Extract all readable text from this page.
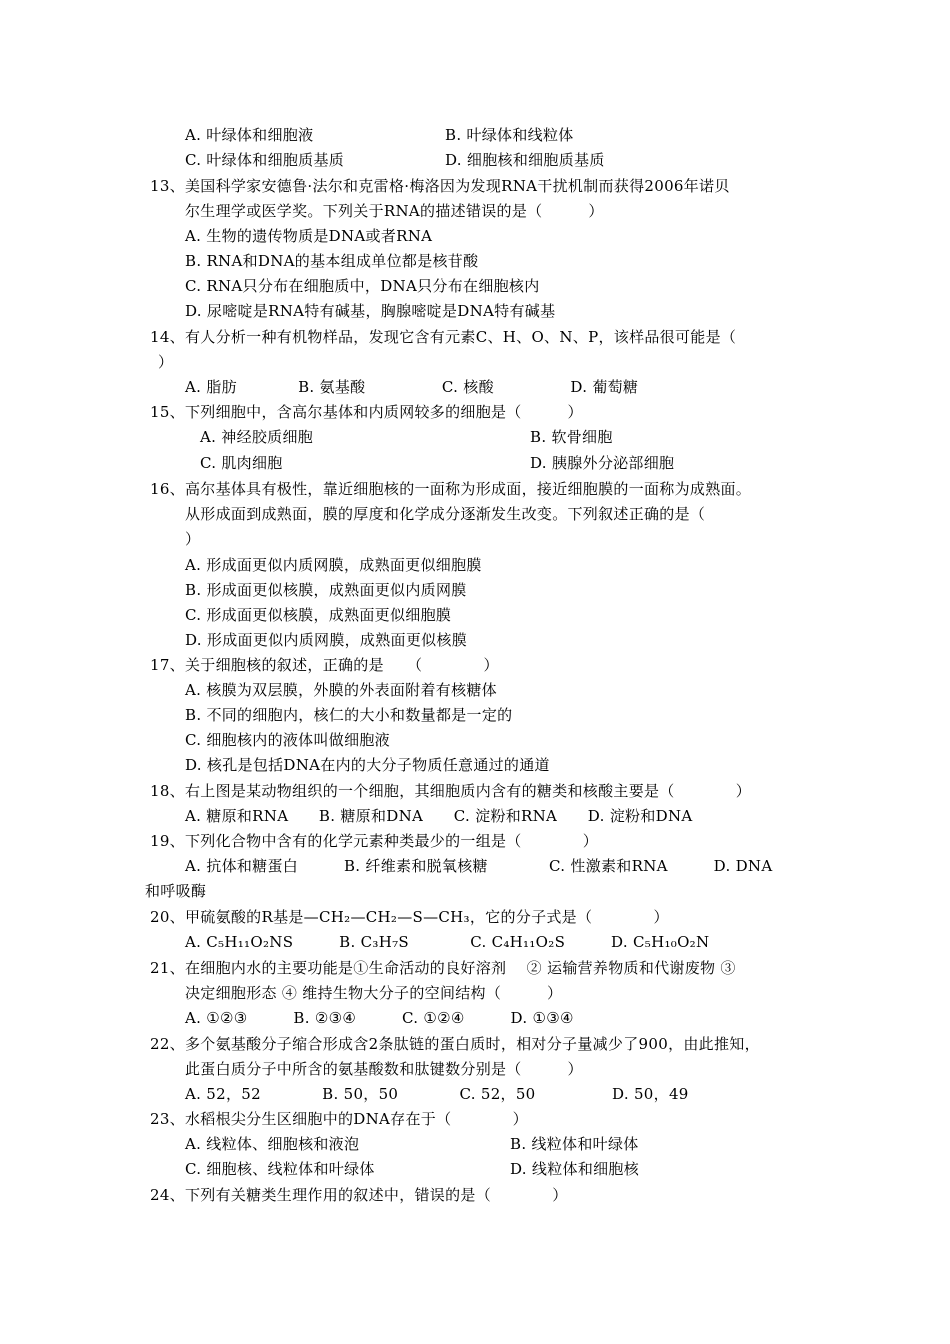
A. 叶绿体和细胞液	B. 叶绿体和线粒体
C. 叶绿体和细胞质基质	D. 细胞核和细胞质基质
13、美国科学家安德鲁·法尔和克雷格·梅洛因为发现RNA干扰机制而获得2006年诺贝
尔生理学或医学奖。下列关于RNA的描述错误的是（　　　）
A. 生物的遗传物质是DNA或者RNA
B. RNA和DNA的基本组成单位都是核苷酸
C. RNA只分布在细胞质中，DNA只分布在细胞核内
D. 尿嘧啶是RNA特有碱基，胸腺嘧啶是DNA特有碱基
14、有人分析一种有机物样品，发现它含有元素C、H、O、N、P，该样品很可能是（
）
A. 脂肪　　　　B. 氨基酸　　　　　C. 核酸　　　　　D. 葡萄糖
15、下列细胞中，含高尔基体和内质网较多的细胞是（　　　）
A. 神经胶质细胞	B. 软骨细胞
C. 肌肉细胞	D. 胰腺外分泌部细胞
16、高尔基体具有极性，靠近细胞核的一面称为形成面，接近细胞膜的一面称为成熟面。
从形成面到成熟面，膜的厚度和化学成分逐渐发生改变。下列叙述正确的是（
）
A. 形成面更似内质网膜，成熟面更似细胞膜
B. 形成面更似核膜，成熟面更似内质网膜
C. 形成面更似核膜，成熟面更似细胞膜
D. 形成面更似内质网膜，成熟面更似核膜
17、关于细胞核的叙述，正确的是　　（　　　　）
A. 核膜为双层膜，外膜的外表面附着有核糖体
B. 不同的细胞内，核仁的大小和数量都是一定的
C. 细胞核内的液体叫做细胞液
D. 核孔是包括DNA在内的大分子物质任意通过的通道
18、右上图是某动物组织的一个细胞，其细胞质内含有的糖类和核酸主要是（　　　　）
A. 糖原和RNA　　B. 糖原和DNA　　C. 淀粉和RNA　　D. 淀粉和DNA
19、下列化合物中含有的化学元素种类最少的一组是（　　　　）
A. 抗体和糖蛋白　　　B. 纤维素和脱氧核糖　　　　C. 性激素和RNA　　　D. DNA
和呼吸酶
20、甲硫氨酸的R基是—CH₂—CH₂—S—CH₃，它的分子式是（　　　　）
A. C₅H₁₁O₂NS　　　B. C₃H₇S　　　　C. C₄H₁₁O₂S　　　D. C₅H₁₀O₂N
21、在细胞内水的主要功能是①生命活动的良好溶剂　 ② 运输营养物质和代谢废物 ③
决定细胞形态 ④ 维持生物大分子的空间结构（　　　）
A. ①②③　　　B. ②③④　　　C. ①②④　　　D. ①③④
22、多个氨基酸分子缩合形成含2条肽链的蛋白质时，相对分子量减少了900，由此推知，
此蛋白质分子中所含的氨基酸数和肽键数分别是（　　　）
A. 52，52　　　　B. 50，50　　　　C. 52，50　　　　　D. 50，49
23、水稻根尖分生区细胞中的DNA存在于（　　　　）
A. 线粒体、细胞核和液泡	B. 线粒体和叶绿体
C. 细胞核、线粒体和叶绿体	D. 线粒体和细胞核
24、下列有关糖类生理作用的叙述中，错误的是（　　　　）
